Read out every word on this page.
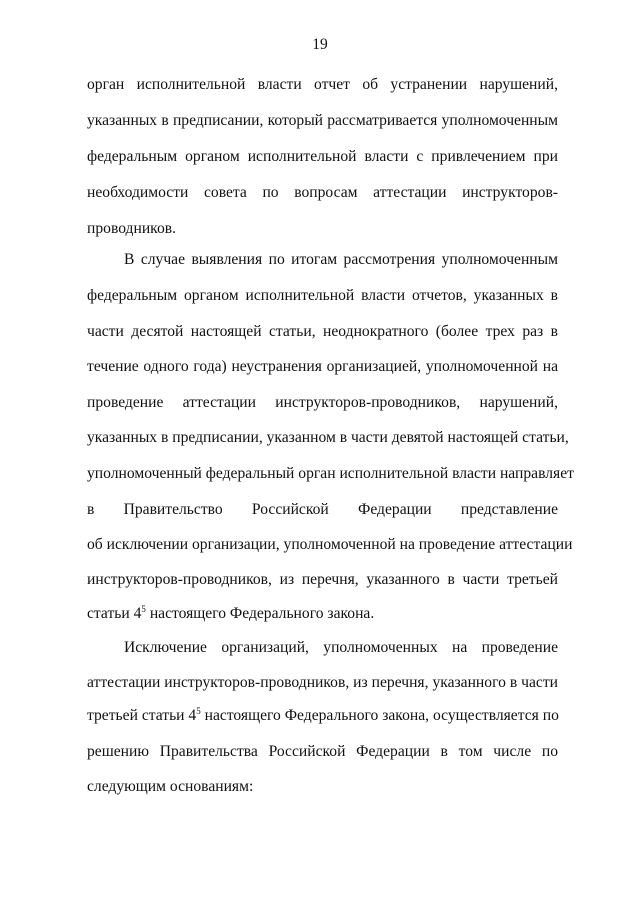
19
орган исполнительной власти отчет об устранении нарушений,
указанных в предписании, который рассматривается уполномоченным
федеральным органом исполнительной власти с привлечением при
необходимости совета по вопросам аттестации инструкторов-
проводников.
В случае выявления по итогам рассмотрения уполномоченным
федеральным органом исполнительной власти отчетов, указанных в
части десятой настоящей статьи, неоднократного (более трех раз в
течение одного года) неустранения организацией, уполномоченной на
проведение аттестации инструкторов-проводников, нарушений,
указанных в предписании, указанном в части девятой настоящей статьи,
уполномоченный федеральный орган исполнительной власти направляет
в Правительство Российской Федерации представление
об исключении организации, уполномоченной на проведение аттестации
инструкторов-проводников, из перечня, указанного в части третьей
статьи $4^5$ настоящего Федерального закона.
Исключение организаций, уполномоченных на проведение
аттестации инструкторов-проводников, из перечня, указанного в части
третьей статьи $4^5$ настоящего Федерального закона, осуществляется по
решению Правительства Российской Федерации в том числе по
следующим основаниям:
